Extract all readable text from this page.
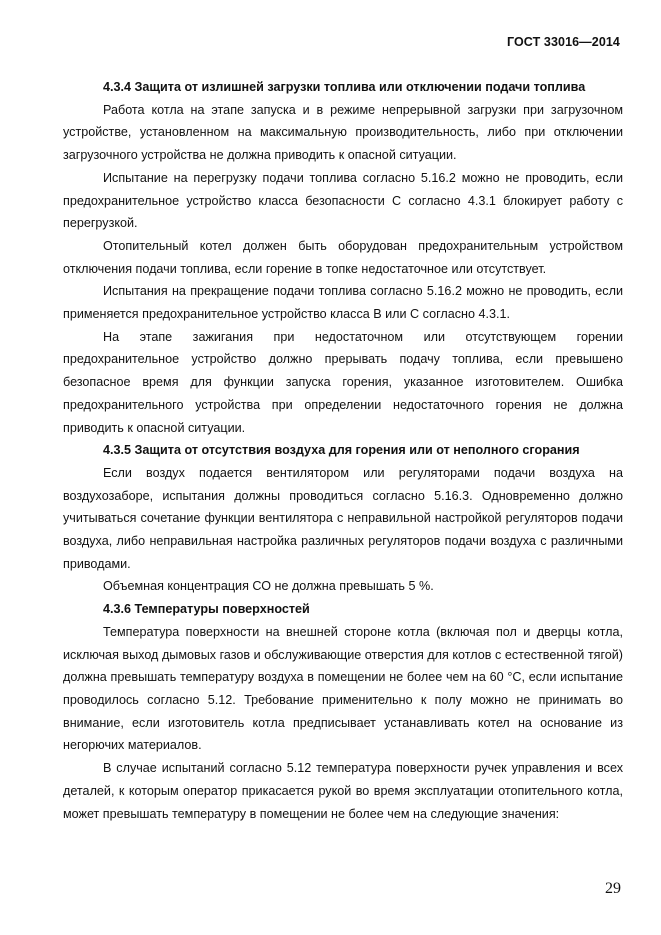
ГОСТ 33016—2014

4.3.4 Защита от излишней загрузки топлива или отключении подачи топлива

Работа котла на этапе запуска и в режиме непрерывной загрузки при загрузочном устройстве, установленном на максимальную производительность, либо при отключении загрузочного устройства не должна приводить к опасной ситуации.

Испытание на перегрузку подачи топлива согласно 5.16.2 можно не проводить, если предохранительное устройство класса безопасности С согласно 4.3.1 блокирует работу с перегрузкой.

Отопительный котел должен быть оборудован предохранительным устройством отключения подачи топлива, если горение в топке недостаточное или отсутствует.

Испытания на прекращение подачи топлива согласно 5.16.2 можно не проводить, если применяется предохранительное устройство класса В или С согласно 4.3.1.

На этапе зажигания при недостаточном или отсутствующем горении предохранительное устройство должно прерывать подачу топлива, если превышено безопасное время для функции запуска горения, указанное изготовителем. Ошибка предохранительного устройства при определении недостаточного горения не должна приводить к опасной ситуации.

4.3.5 Защита от отсутствия воздуха для горения или от неполного сгорания

Если воздух подается вентилятором или регуляторами подачи воздуха на воздухозаборе, испытания должны проводиться согласно 5.16.3. Одновременно должно учитываться сочетание функции вентилятора с неправильной настройкой регуляторов подачи воздуха, либо неправильная настройка различных регуляторов подачи воздуха с различными приводами.

Объемная концентрация СО не должна превышать 5 %.

4.3.6 Температуры поверхностей

Температура поверхности на внешней стороне котла (включая пол и дверцы котла, исключая выход дымовых газов и обслуживающие отверстия для котлов с естественной тягой) должна превышать температуру воздуха в помещении не более чем на 60 °С, если испытание проводилось согласно 5.12. Требование применительно к полу можно не принимать во внимание, если изготовитель котла предписывает устанавливать котел на основание из негорючих материалов.

В случае испытаний согласно 5.12 температура поверхности ручек управления и всех деталей, к которым оператор прикасается рукой во время эксплуатации отопительного котла, может превышать температуру в помещении не более чем на следующие значения:

29
